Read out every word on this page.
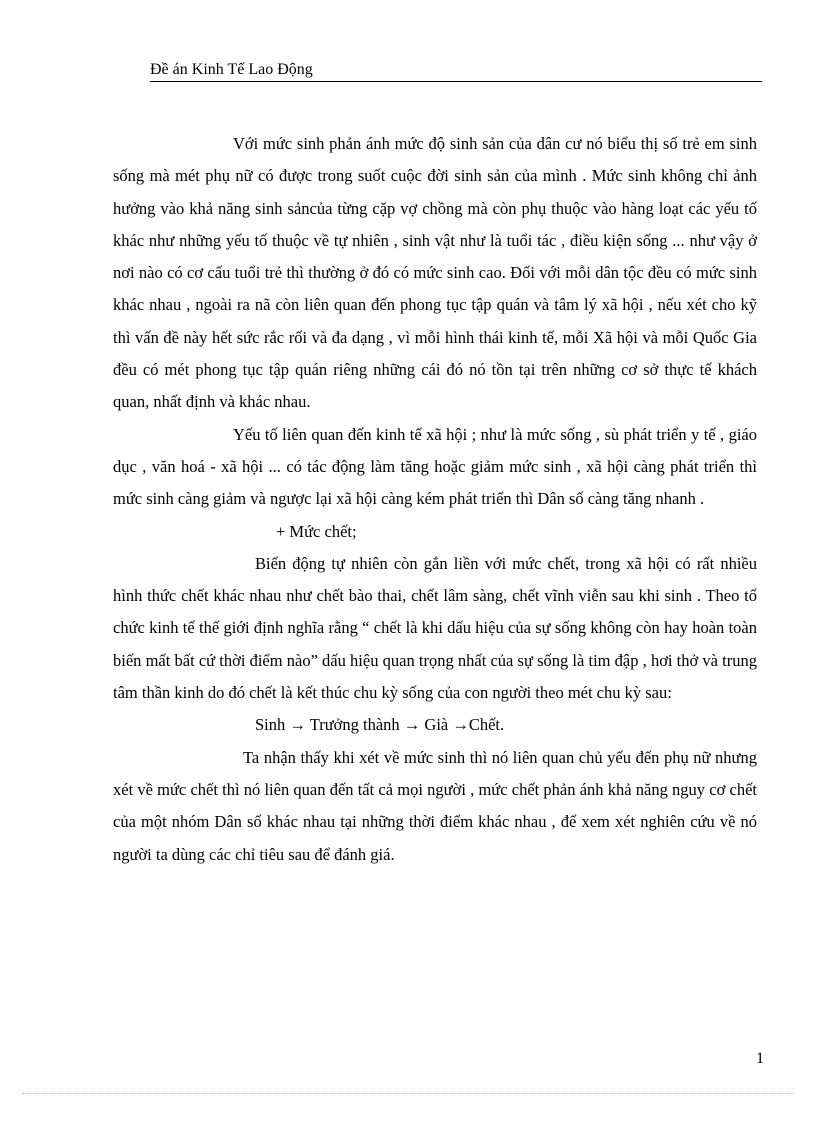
Đề án Kinh Tế Lao Động

Với mức sinh phản ánh mức độ sinh sản của dân cư nó biểu thị số trẻ em sinh sống mà mét phụ nữ có được trong suốt cuộc đời sinh sản của mình . Mức sinh không chỉ ảnh hưởng vào khả năng sinh sảncủa từng cặp vợ chồng mà còn phụ thuộc vào hàng loạt các yếu tố khác như những yếu tố thuộc về tự nhiên , sinh vật như là tuổi tác , điều kiện sống ... như vậy ở nơi nào có cơ cấu tuổi trẻ thì thường ở đó có mức sinh cao. Đối với mỗi dân tộc đều có mức sinh khác nhau , ngoài ra nã còn liên quan đến phong tục tập quán và tâm lý xã hội , nếu xét cho kỹ thì vấn đề này hết sức rắc rối và đa dạng , vì mỗi hình thái kinh tế, mỗi Xã hội và mỗi Quốc Gia đều có mét phong tục tập quán riêng những cái đó nó tồn tại trên những cơ sở thực tế khách quan, nhất định và khác nhau.

Yếu tố liên quan đến kinh tế xã hội ; như là mức sống , sù phát triển y tế , giáo dục , văn hoá - xã hội ... có tác động làm tăng hoặc giảm mức sinh , xã hội càng phát triển thì mức sinh càng giảm và ngược lại xã hội càng kém phát triển thì Dân số càng tăng nhanh .

+ Mức chết;

Biến động tự nhiên còn gắn liền với mức chết, trong xã hội có rất nhiều hình thức chết khác nhau như chết bào thai, chết lâm sàng, chết vĩnh viễn sau khi sinh . Theo tổ chức kinh tế thế giới định nghĩa rằng “ chết là khi dấu hiệu của sự sống không còn hay hoàn toàn biến mất bất cứ thời điểm nào” dấu hiệu quan trọng nhất của sự sống là tim đập , hơi thở và trung tâm thần kinh do đó chết là kết thúc chu kỳ sống của con người theo mét chu kỳ sau:

Sinh → Trưởng thành → Già →Chết.

Ta nhận thấy khi xét về mức sinh thì nó liên quan chủ yếu đến phụ nữ nhưng xét về mức chết thì nó liên quan đến tất cả mọi người , mức chết phản ánh khả năng nguy cơ chết của một nhóm Dân số khác nhau tại những thời điểm khác nhau , để xem xét nghiên cứu về nó người ta dùng các chỉ tiêu sau để đánh giá.

1
